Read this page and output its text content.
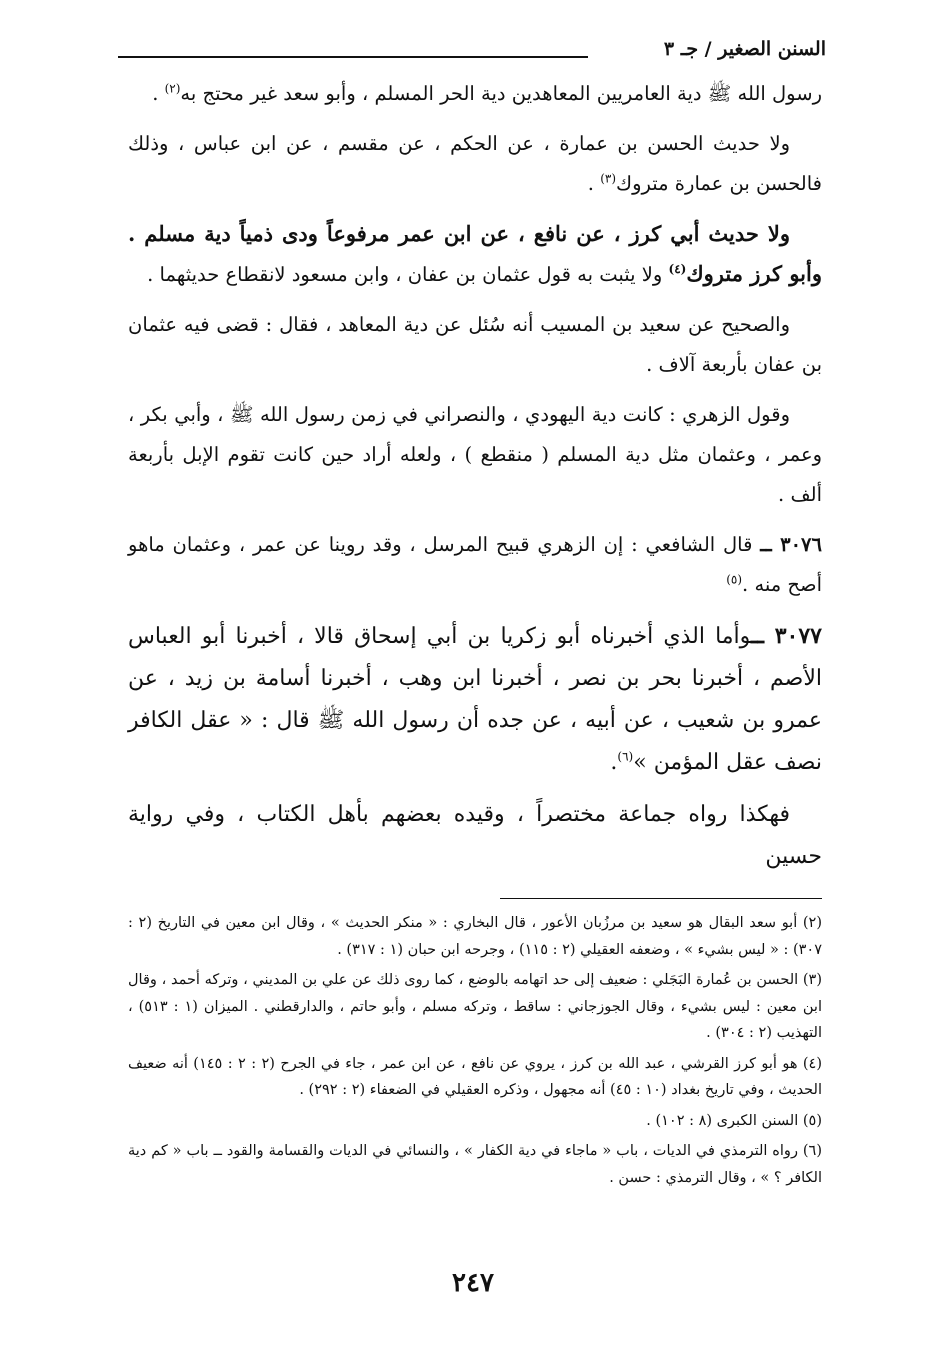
السنن الصغير / جـ ٣

رسول الله ﷺ دية العامريين المعاهدين دية الحر المسلم ، وأبو سعد غير محتج به$^{(٢)}$ .

ولا حديث الحسن بن عمارة ، عن الحكم ، عن مقسم ، عن ابن عباس ، وذلك فالحسن بن عمارة متروك$^{(٣)}$ .

ولا حديث أبي كرز ، عن نافع ، عن ابن عمر مرفوعاً ودى ذمياً دية مسلم . وأبو كرز متروك$^{(٤)}$ ولا يثبت به قول عثمان بن عفان ، وابن مسعود لانقطاع حديثهما .

والصحيح عن سعيد بن المسيب أنه سُئل عن دية المعاهد ، فقال : قضى فيه عثمان بن عفان بأربعة آلاف .

وقول الزهري : كانت دية اليهودي ، والنصراني في زمن رسول الله ﷺ ، وأبي بكر ، وعمر ، وعثمان مثل دية المسلم ( منقطع ) ، ولعله أراد حين كانت تقوم الإبل بأربعة ألف .

٣٠٧٦ ــ قال الشافعي : إن الزهري قبيح المرسل ، وقد روينا عن عمر ، وعثمان ماهو أصح منه .$^{(٥)}$

٣٠٧٧ ــوأما الذي أخبرناه أبو زكريا بن أبي إسحاق قالا ، أخبرنا أبو العباس الأصم ، أخبرنا بحر بن نصر ، أخبرنا ابن وهب ، أخبرنا أسامة بن زيد ، عن عمرو بن شعيب ، عن أبيه ، عن جده أن رسول الله ﷺ قال : « عقل الكافر نصف عقل المؤمن »$^{(٦)}$.

فهكذا رواه جماعة مختصراً ، وقيده بعضهم بأهل الكتاب ، وفي رواية حسين

(٢) أبو سعد البقال هو سعيد بن مرزُبان الأعور ، قال البخاري : « منكر الحديث » ، وقال ابن معين في التاريخ (٢ : ٣٠٧) : « ليس بشيء » ، وضعفه العقيلي (٢ : ١١٥) ، وجرحه ابن حبان (١ : ٣١٧) .

(٣) الحسن بن عُمارة البَجَلي : ضعيف إلى حد اتهامه بالوضع ، كما روى ذلك عن علي بن المديني ، وتركه أحمد ، وقال ابن معين : ليس بشيء ، وقال الجوزجاني : ساقط ، وتركه مسلم ، وأبو حاتم ، والدارقطني . الميزان (١ : ٥١٣) ، التهذيب (٢ : ٣٠٤) .

(٤) هو أبو كرز القرشي ، عبد الله بن كرز ، يروي عن نافع ، عن ابن عمر ، جاء في الجرح (٢ : ٢ : ١٤٥) أنه ضعيف الحديث ، وفي تاريخ بغداد (١٠ : ٤٥) أنه مجهول ، وذكره العقيلي في الضعفاء (٢ : ٢٩٢) .

(٥) السنن الكبرى (٨ : ١٠٢) .

(٦) رواه الترمذي في الديات ، باب « ماجاء في دية الكفار » ، والنسائي في الديات والقسامة والقود ــ باب « كم دية الكافر ؟ » ، وقال الترمذي : حسن .

٢٤٧
